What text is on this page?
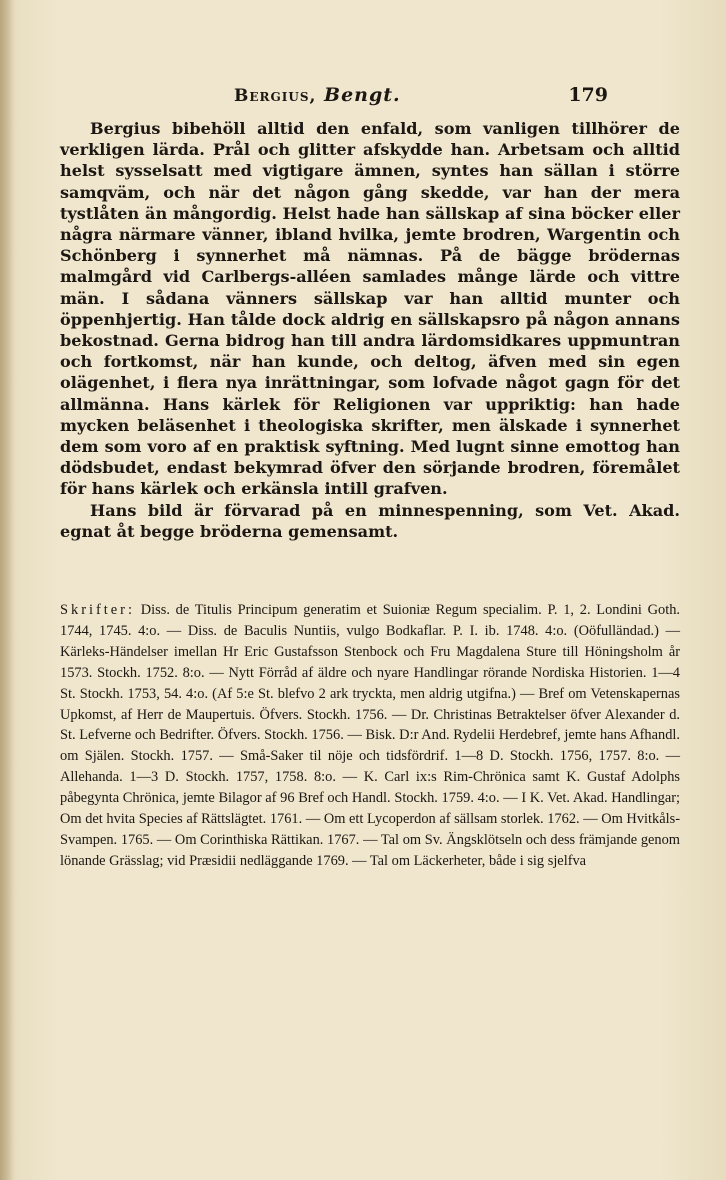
Bergius, Bengt.	179

Bergius bibehöll alltid den enfald, som vanligen tillhörer de verkligen lärda. Prål och glitter afskydde han. Arbetsam och alltid helst sysselsatt med vigtigare ämnen, syntes han sällan i större samqväm, och när det någon gång skedde, var han der mera tystlåten än mångordig. Helst hade han sällskap af sina böcker eller några närmare vänner, ibland hvilka, jemte brodren, Wargentin och Schönberg i synnerhet må nämnas. På de bägge brödernas malmgård vid Carlbergs-alléen samlades månge lärde och vittre män. I sådana vänners sällskap var han alltid munter och öppenhjertig. Han tålde dock aldrig en sällskapsro på någon annans bekostnad. Gerna bidrog han till andra lärdomsidkares uppmuntran och fortkomst, när han kunde, och deltog, äfven med sin egen olägenhet, i flera nya inrättningar, som lofvade något gagn för det allmänna. Hans kärlek för Religionen var uppriktig: han hade mycken beläsenhet i theologiska skrifter, men älskade i synnerhet dem som voro af en praktisk syftning. Med lugnt sinne emottog han dödsbudet, endast bekymrad öfver den sörjande brodren, föremålet för hans kärlek och erkänsla intill grafven.

Hans bild är förvarad på en minnespenning, som Vet. Akad. egnat åt begge bröderna gemensamt.

Skrifter: Diss. de Titulis Principum generatim et Suioniæ Regum specialim. P. 1, 2. Londini Goth. 1744, 1745. 4:o. — Diss. de Baculis Nuntiis, vulgo Bodkaflar. P. I. ib. 1748. 4:o. (Oöfulländad.) — Kärleks-Händelser imellan Hr Eric Gustafsson Stenbock och Fru Magdalena Sture till Höningsholm år 1573. Stockh. 1752. 8:o. — Nytt Förråd af äldre och nyare Handlingar rörande Nordiska Historien. 1—4 St. Stockh. 1753, 54. 4:o. (Af 5:e St. blefvo 2 ark tryckta, men aldrig utgifna.) — Bref om Vetenskapernas Upkomst, af Herr de Maupertuis. Öfvers. Stockh. 1756. — Dr. Christinas Betraktelser öfver Alexander d. St. Lefverne och Bedrifter. Öfvers. Stockh. 1756. — Bisk. D:r And. Rydelii Herdebref, jemte hans Afhandl. om Själen. Stockh. 1757. — Små-Saker til nöje och tidsfördrif. 1—8 D. Stockh. 1756, 1757. 8:o. — Allehanda. 1—3 D. Stockh. 1757, 1758. 8:o. — K. Carl ix:s Rim-Chrönica samt K. Gustaf Adolphs påbegynta Chrönica, jemte Bilagor af 96 Bref och Handl. Stockh. 1759. 4:o. — I K. Vet. Akad. Handlingar; Om det hvita Species af Rättslägtet. 1761. — Om ett Lycoperdon af sällsam storlek. 1762. — Om Hvitkåls-Svampen. 1765. — Om Corinthiska Rättikan. 1767. — Tal om Sv. Ängsklötseln och dess främjande genom lönande Grässlag; vid Præsidii nedläggande 1769. — Tal om Läckerheter, både i sig sjelfva
